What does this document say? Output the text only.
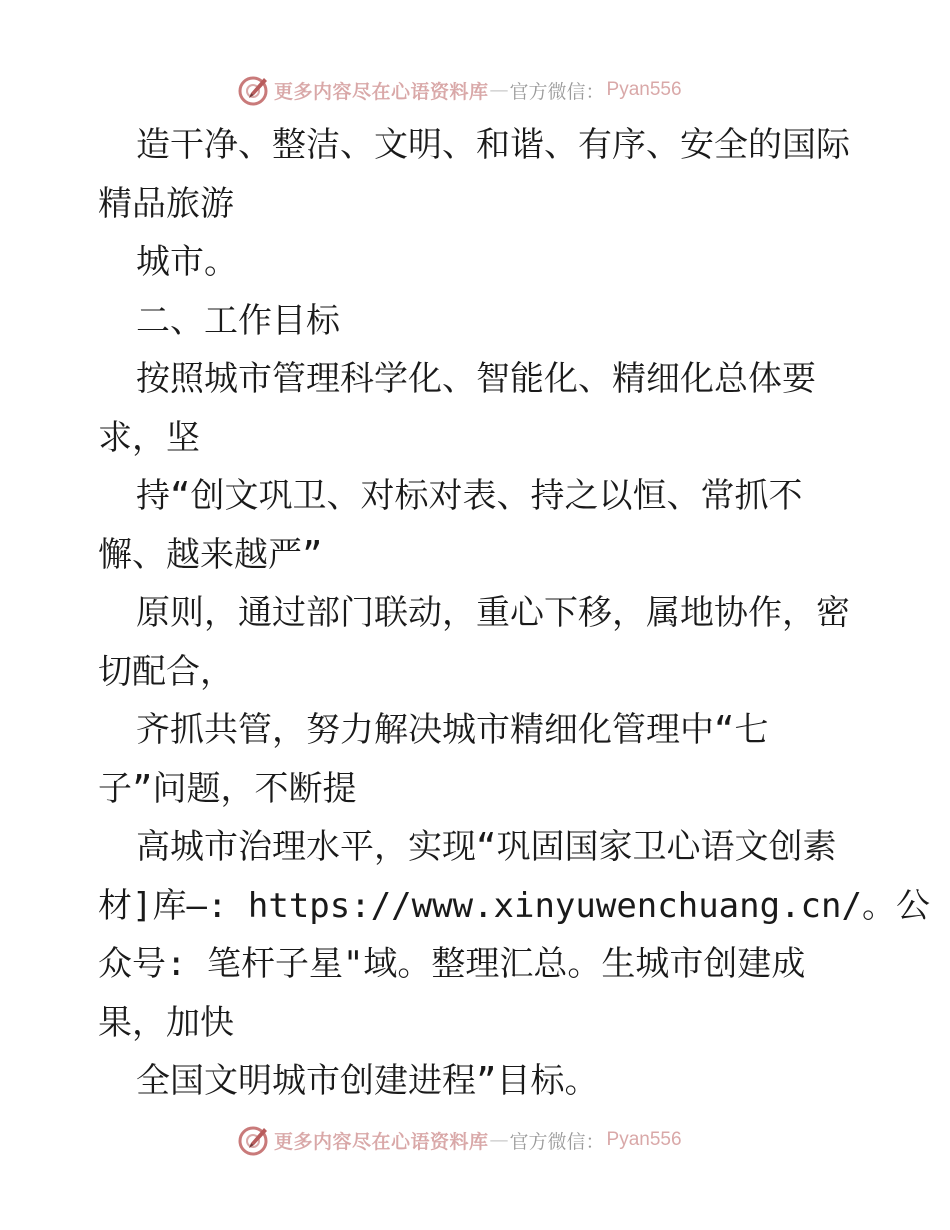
更多内容尽在心语资料库 — 官方微信： Pyan556
造干净、整洁、文明、和谐、有序、安全的国际
精品旅游
城市。
二、工作目标
按照城市管理科学化、智能化、精细化总体要
求，坚
持“创文巩卫、对标对表、持之以恒、常抓不
懈、越来越严”
原则，通过部门联动，重心下移，属地协作，密
切配合，
齐抓共管，努力解决城市精细化管理中“七
子”问题，不断提
高城市治理水平，实现“巩固国家卫心语文创素
材]库—: https://www.xinyuwenchuang.cn/。公
众号: 笔杆子星"域。整理汇总。生城市创建成
果，加快
全国文明城市创建进程”目标。
更多内容尽在心语资料库 — 官方微信： Pyan556
